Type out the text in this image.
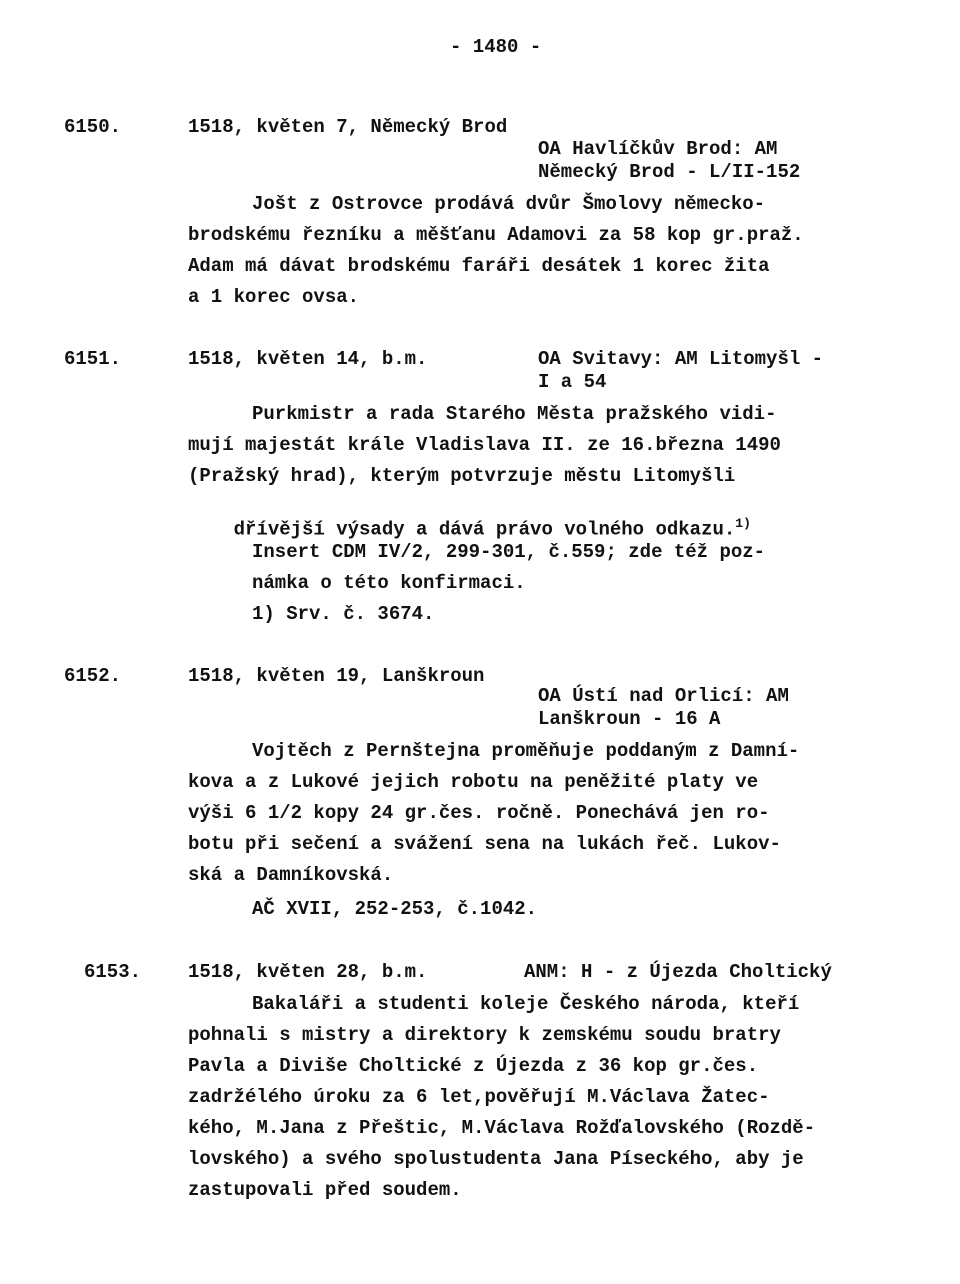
- 1480 -
6150.	1518, květen 7, Německý Brod
OA Havlíčkův Brod: AM
Německý Brod - L/II-152
Jošt z Ostrovce prodává dvůr Šmolovy německo-
brodskému řezníku a měšťanu Adamovi za 58 kop gr.praž.
Adam má dávat brodskému faráři desátek 1 korec žita
a 1 korec ovsa.
6151.	1518, květen 14, b.m.	OA Svitavy: AM Litomyšl -
I a 54
Purkmistr a rada Starého Města pražského vidi-
mují majestát krále Vladislava II. ze 16.března 1490
(Pražský hrad), kterým potvrzuje městu Litomyšli

dřívější výsady a dává právo volného odkazu.$^{1)}$

Insert CDM IV/2, 299-301, č.559; zde též poz-
námka o této konfirmaci.
1) Srv. č. 3674.
6152.	1518, květen 19, Lanškroun
OA Ústí nad Orlicí: AM
Lanškroun - 16 A
Vojtěch z Pernštejna proměňuje poddaným z Damní-
kova a z Lukové jejich robotu na peněžité platy ve
výši 6 1/2 kopy 24 gr.čes. ročně. Ponechává jen ro-
botu při sečení a svážení sena na lukách řeč. Lukov-
ská a Damníkovská.
AČ XVII, 252-253, č.1042.
6153. 1518, květen 28, b.m.	ANM: H - z Újezda Choltický
Bakaláři a studenti koleje Českého národa, kteří
pohnali s mistry a direktory k zemskému soudu bratry
Pavla a Diviše Choltické z Újezda z 36 kop gr.čes.
zadržélého úroku za 6 let,pověřují M.Václava Žatec-
kého, M.Jana z Přeštic, M.Václava Rožďalovského (Rozdě-
lovského) a svého spolustudenta Jana Píseckého, aby je
zastupovali před soudem.
